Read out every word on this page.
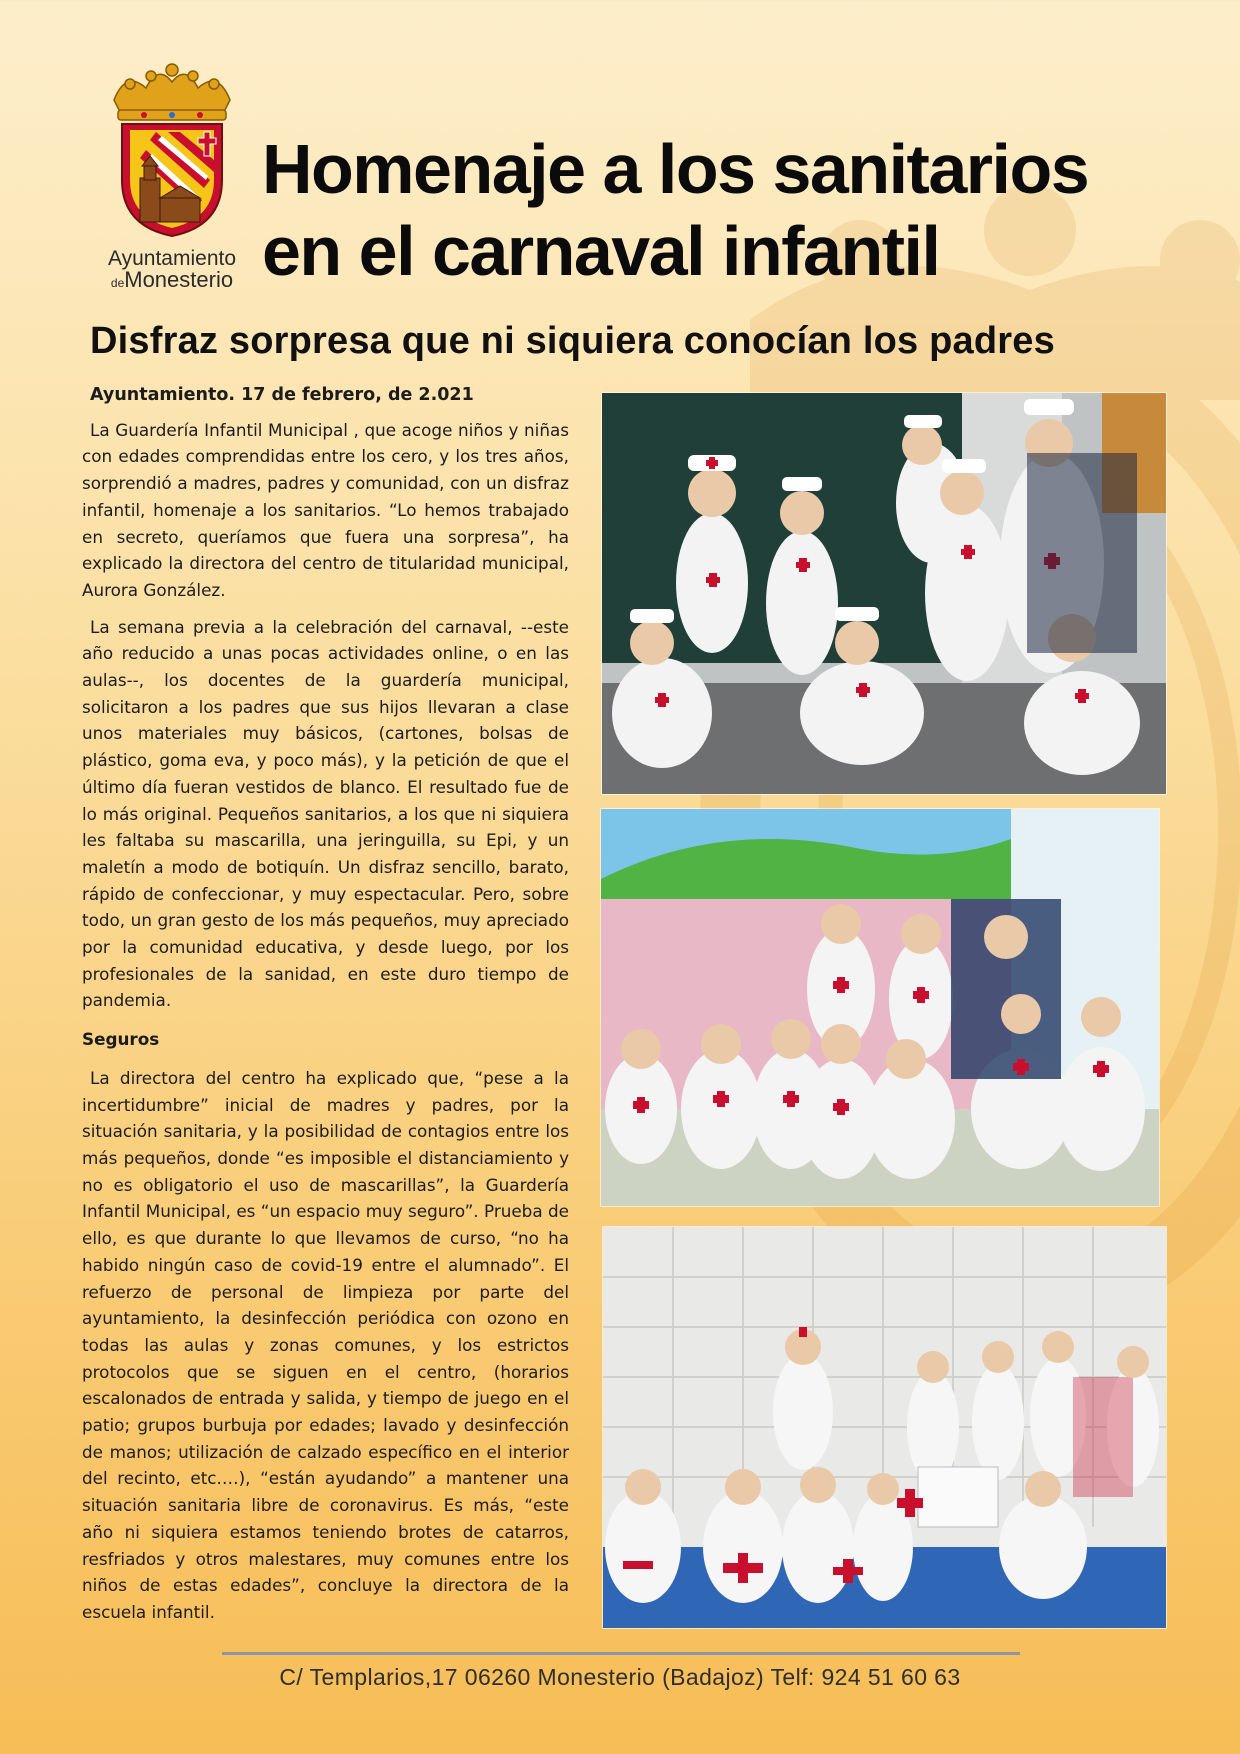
Ayuntamiento
deMonesterio
Homenaje a los sanitarios
en el carnaval infantil
Disfraz sorpresa que ni siquiera conocían los padres

Ayuntamiento. 17 de febrero, de 2.021

La Guardería Infantil Municipal , que acoge niños y niñas con edades comprendidas entre los cero, y los tres años, sorprendió a madres, padres y comunidad, con un disfraz infantil, homenaje a los sanitarios. “Lo hemos trabajado en secreto, queríamos que fuera una sorpresa”, ha explicado la directora del centro de titularidad municipal, Aurora González.

La semana previa a la celebración del carnaval, --este año reducido a unas pocas actividades online, o en las aulas--, los docentes de la guardería municipal, solicitaron a los padres que sus hijos llevaran a clase unos materiales muy básicos, (cartones, bolsas de plástico, goma eva, y poco más), y la petición de que el último día fueran vestidos de blanco. El resultado fue de lo más original. Pequeños sanitarios, a los que ni siquiera les faltaba su mascarilla, una jeringuilla, su Epi, y un maletín a modo de botiquín. Un disfraz sencillo, barato, rápido de confeccionar, y muy espectacular. Pero, sobre todo, un gran gesto de los más pequeños, muy apreciado por la comunidad educativa, y desde luego, por los profesionales de la sanidad, en este duro tiempo de pandemia.

Seguros

La directora del centro ha explicado que, “pese a la incertidumbre” inicial de madres y padres, por la situación sanitaria, y la posibilidad de contagios entre los más pequeños, donde “es imposible el distanciamiento y no es obligatorio el uso de mascarillas”, la Guardería Infantil Municipal, es “un espacio muy seguro”. Prueba de ello, es que durante lo que llevamos de curso, “no ha habido ningún caso de covid-19 entre el alumnado”. El refuerzo de personal de limpieza por parte del ayuntamiento, la desinfección periódica con ozono en todas las aulas y zonas comunes, y los estrictos protocolos que se siguen en el centro, (horarios escalonados de entrada y salida, y tiempo de juego en el patio; grupos burbuja por edades; lavado y desinfección de manos; utilización de calzado específico en el interior del recinto, etc.…), “están ayudando” a mantener una situación sanitaria libre de coronavirus. Es más, “este año ni siquiera estamos teniendo brotes de catarros, resfriados y otros malestares, muy comunes entre los niños de estas edades”, concluye la directora de la escuela infantil.

C/ Templarios,17 06260 Monesterio (Badajoz) Telf: 924 51 60 63
